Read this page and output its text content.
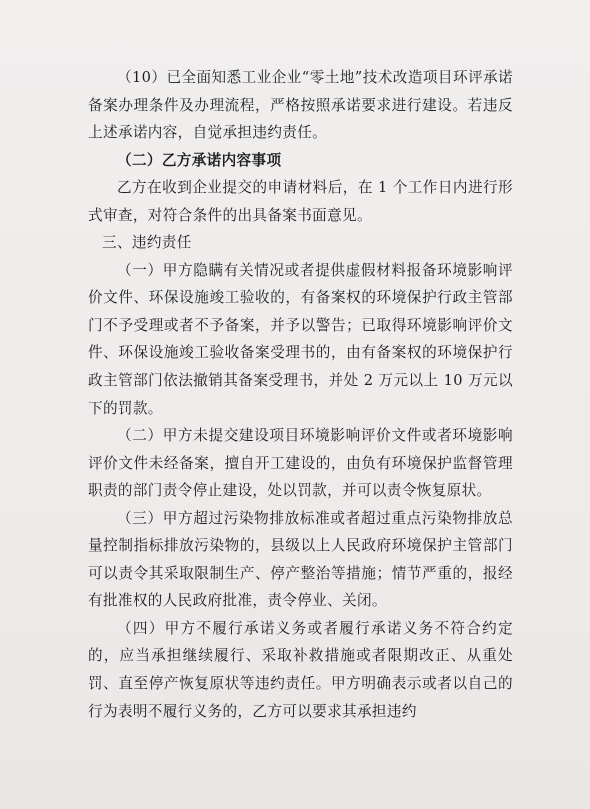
（10）已全面知悉工业企业“零土地”技术改造项目环评承诺备案办理条件及办理流程，严格按照承诺要求进行建设。若违反上述承诺内容，自觉承担违约责任。

（二）乙方承诺内容事项

乙方在收到企业提交的申请材料后，在 1 个工作日内进行形式审查，对符合条件的出具备案书面意见。

三、违约责任

（一）甲方隐瞒有关情况或者提供虚假材料报备环境影响评价文件、环保设施竣工验收的，有备案权的环境保护行政主管部门不予受理或者不予备案，并予以警告；已取得环境影响评价文件、环保设施竣工验收备案受理书的，由有备案权的环境保护行政主管部门依法撤销其备案受理书，并处 2 万元以上 10 万元以下的罚款。

（二）甲方未提交建设项目环境影响评价文件或者环境影响评价文件未经备案，擅自开工建设的，由负有环境保护监督管理职责的部门责令停止建设，处以罚款，并可以责令恢复原状。

（三）甲方超过污染物排放标准或者超过重点污染物排放总量控制指标排放污染物的，县级以上人民政府环境保护主管部门可以责令其采取限制生产、停产整治等措施；情节严重的，报经有批准权的人民政府批准，责令停业、关闭。

（四）甲方不履行承诺义务或者履行承诺义务不符合约定的，应当承担继续履行、采取补救措施或者限期改正、从重处罚、直至停产恢复原状等违约责任。甲方明确表示或者以自己的行为表明不履行义务的，乙方可以要求其承担违约
